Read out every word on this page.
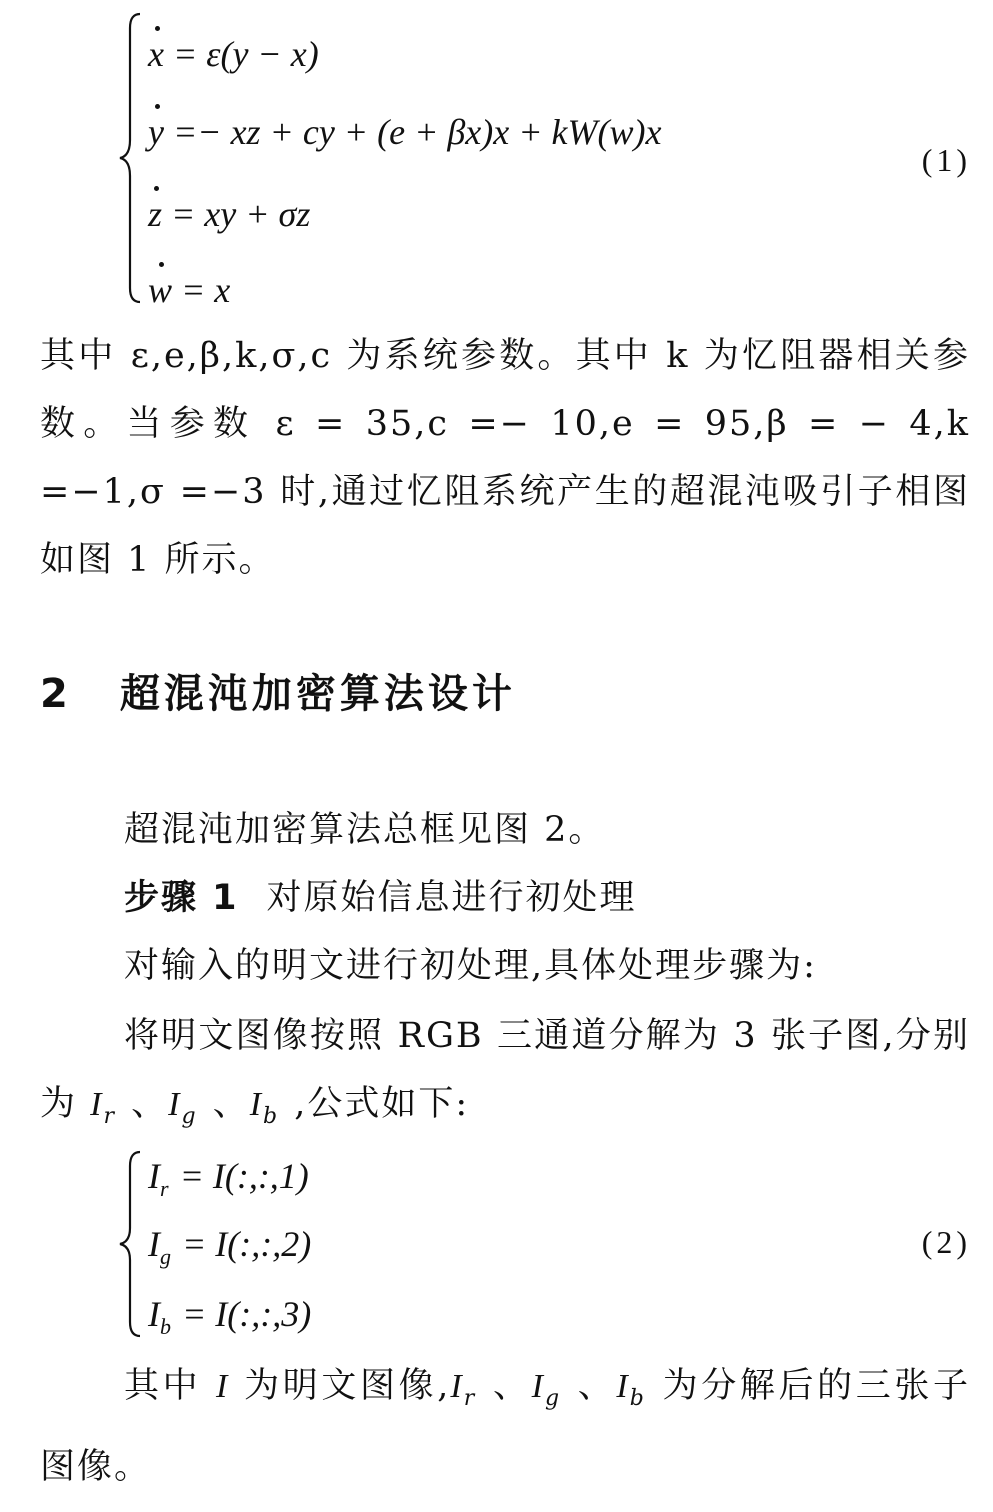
x = ε(y − x)
y =− xz + cy + (e + βx)x + kW(w)x
z = xy + σz
w = x
(1)
其中 ε,e,β,k,σ,c 为系统参数。其中 k 为忆阻器相关参数。当参数 ε = 35,c =− 10,e = 95,β = − 4,k =−1,σ =−3 时,通过忆阻系统产生的超混沌吸引子相图如图 1 所示。
2 超混沌加密算法设计
超混沌加密算法总框见图 2。
步骤 1 对原始信息进行初处理
对输入的明文进行初处理,具体处理步骤为:
将明文图像按照 RGB 三通道分解为 3 张子图,分别为 $I_r$ 、$I_g$ 、$I_b$ ,公式如下:
$I_r$ = I(:,:,1)
$I_g$ = I(:,:,2)
$I_b$ = I(:,:,3)
(2)
其中 I 为明文图像$,I_r$ 、$I_g$ 、$I_b$ 为分解后的三张子图像。
